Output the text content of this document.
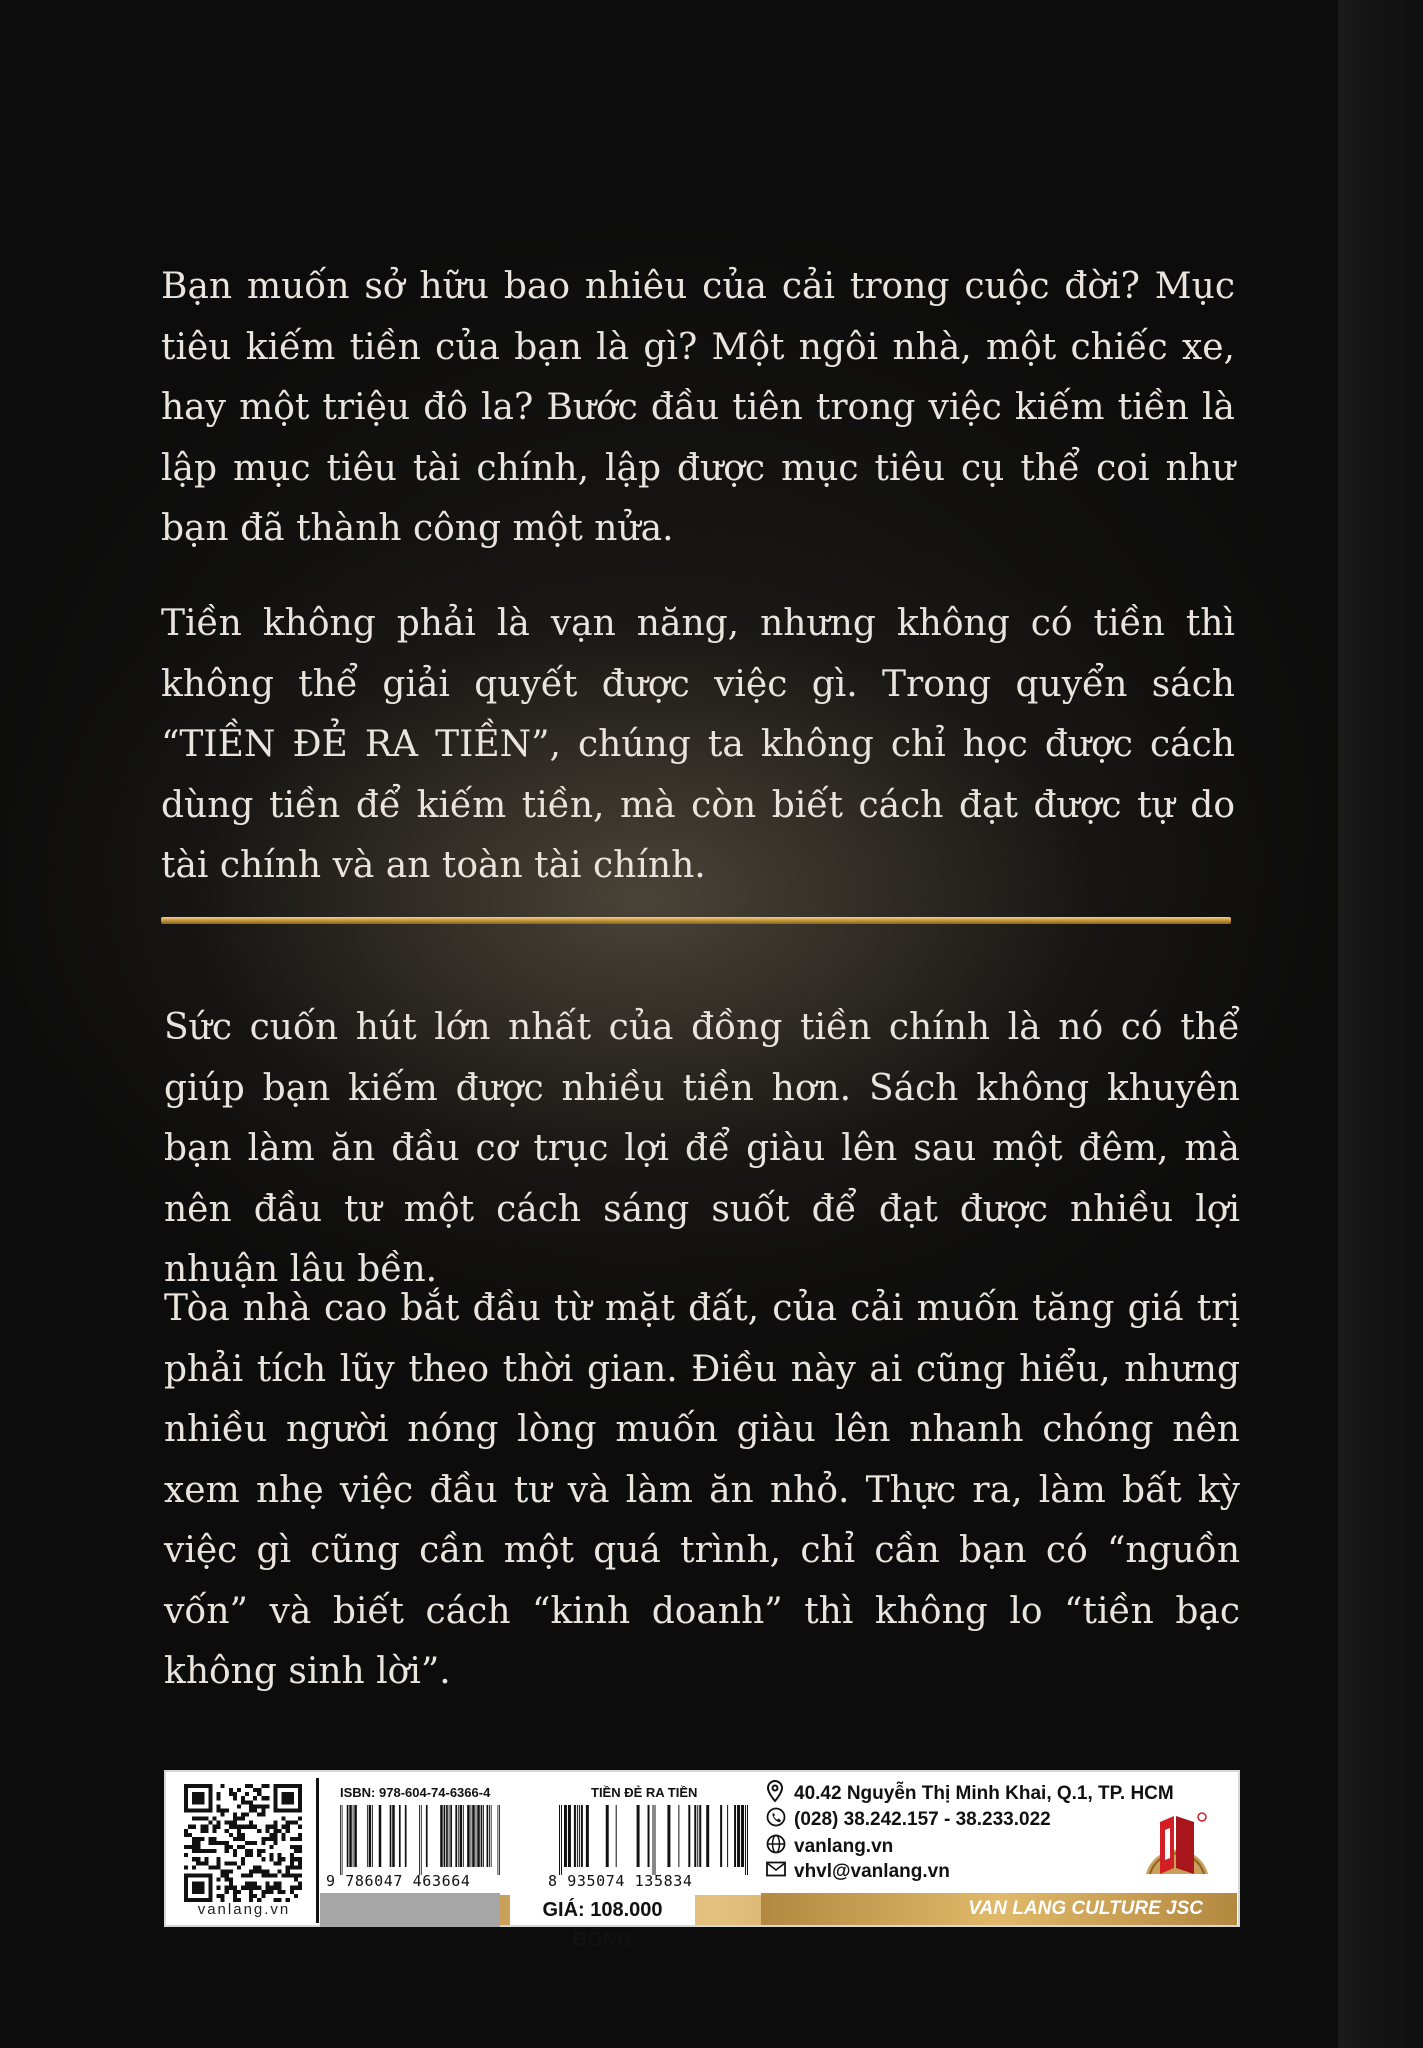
Bạn muốn sở hữu bao nhiêu của cải trong cuộc đời? Mục tiêu kiếm tiền của bạn là gì? Một ngôi nhà, một chiếc xe, hay một triệu đô la? Bước đầu tiên trong việc kiếm tiền là lập mục tiêu tài chính, lập được mục tiêu cụ thể coi như bạn đã thành công một nửa.

Tiền không phải là vạn năng, nhưng không có tiền thì không thể giải quyết được việc gì. Trong quyển sách “TIỀN ĐẺ RA TIỀN”, chúng ta không chỉ học được cách dùng tiền để kiếm tiền, mà còn biết cách đạt được tự do tài chính và an toàn tài chính.

Sức cuốn hút lớn nhất của đồng tiền chính là nó có thể giúp bạn kiếm được nhiều tiền hơn. Sách không khuyên bạn làm ăn đầu cơ trục lợi để giàu lên sau một đêm, mà nên đầu tư một cách sáng suốt để đạt được nhiều lợi nhuận lâu bền.

Tòa nhà cao bắt đầu từ mặt đất, của cải muốn tăng giá trị phải tích lũy theo thời gian. Điều này ai cũng hiểu, nhưng nhiều người nóng lòng muốn giàu lên nhanh chóng nên xem nhẹ việc đầu tư và làm ăn nhỏ. Thực ra, làm bất kỳ việc gì cũng cần một quá trình, chỉ cần bạn có “nguồn vốn” và biết cách “kinh doanh” thì không lo “tiền bạc không sinh lời”.

vanlang.vn
ISBN: 978-604-74-6366-4	TIỀN ĐẺ RA TIỀN
9 786047 463664	8 935074 135834
GIÁ: 108.000 ĐỒNG
40.42 Nguyễn Thị Minh Khai, Q.1, TP. HCM
(028) 38.242.157 - 38.233.022
vanlang.vn
vhvl@vanlang.vn
VAN LANG CULTURE JSC
